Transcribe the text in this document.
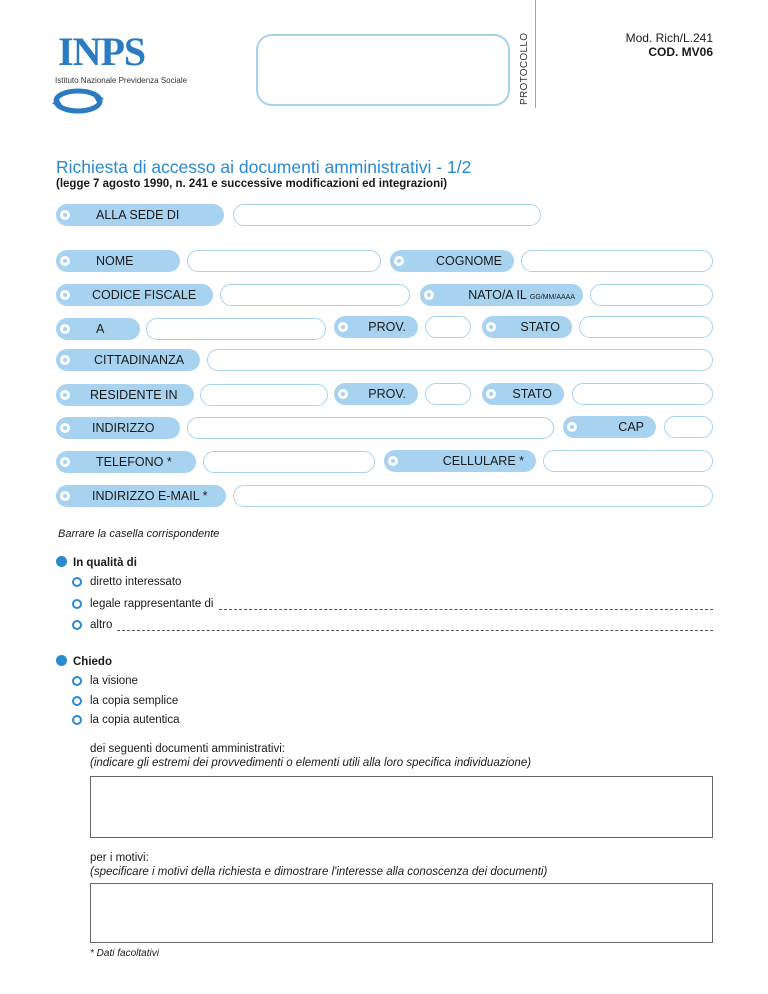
INPS
Istituto Nazionale Previdenza Sociale	PROTOCOLLO	Mod. Rich/L.241
COD. MV06
Richiesta di accesso ai documenti amministrativi - 1/2
(legge 7 agosto 1990, n. 241 e successive modificazioni ed integrazioni)
ALLA SEDE DI
NOME	COGNOME
CODICE FISCALE	NATO/A IL GG/MM/AAAA
A	PROV.	STATO
CITTADINANZA
RESIDENTE IN	PROV.	STATO
INDIRIZZO	CAP
TELEFONO *	CELLULARE *
INDIRIZZO E-MAIL *
Barrare la casella corrispondente
In qualità di
diretto interessato
legale rappresentante di
altro
Chiedo
la visione
la copia semplice
la copia autentica
dei seguenti documenti amministrativi:
(indicare gli estremi dei provvedimenti o elementi utili alla loro specifica individuazione)
per i motivi:
(specificare i motivi della richiesta e dimostrare l'interesse alla conoscenza dei documenti)
* Dati facoltativi
